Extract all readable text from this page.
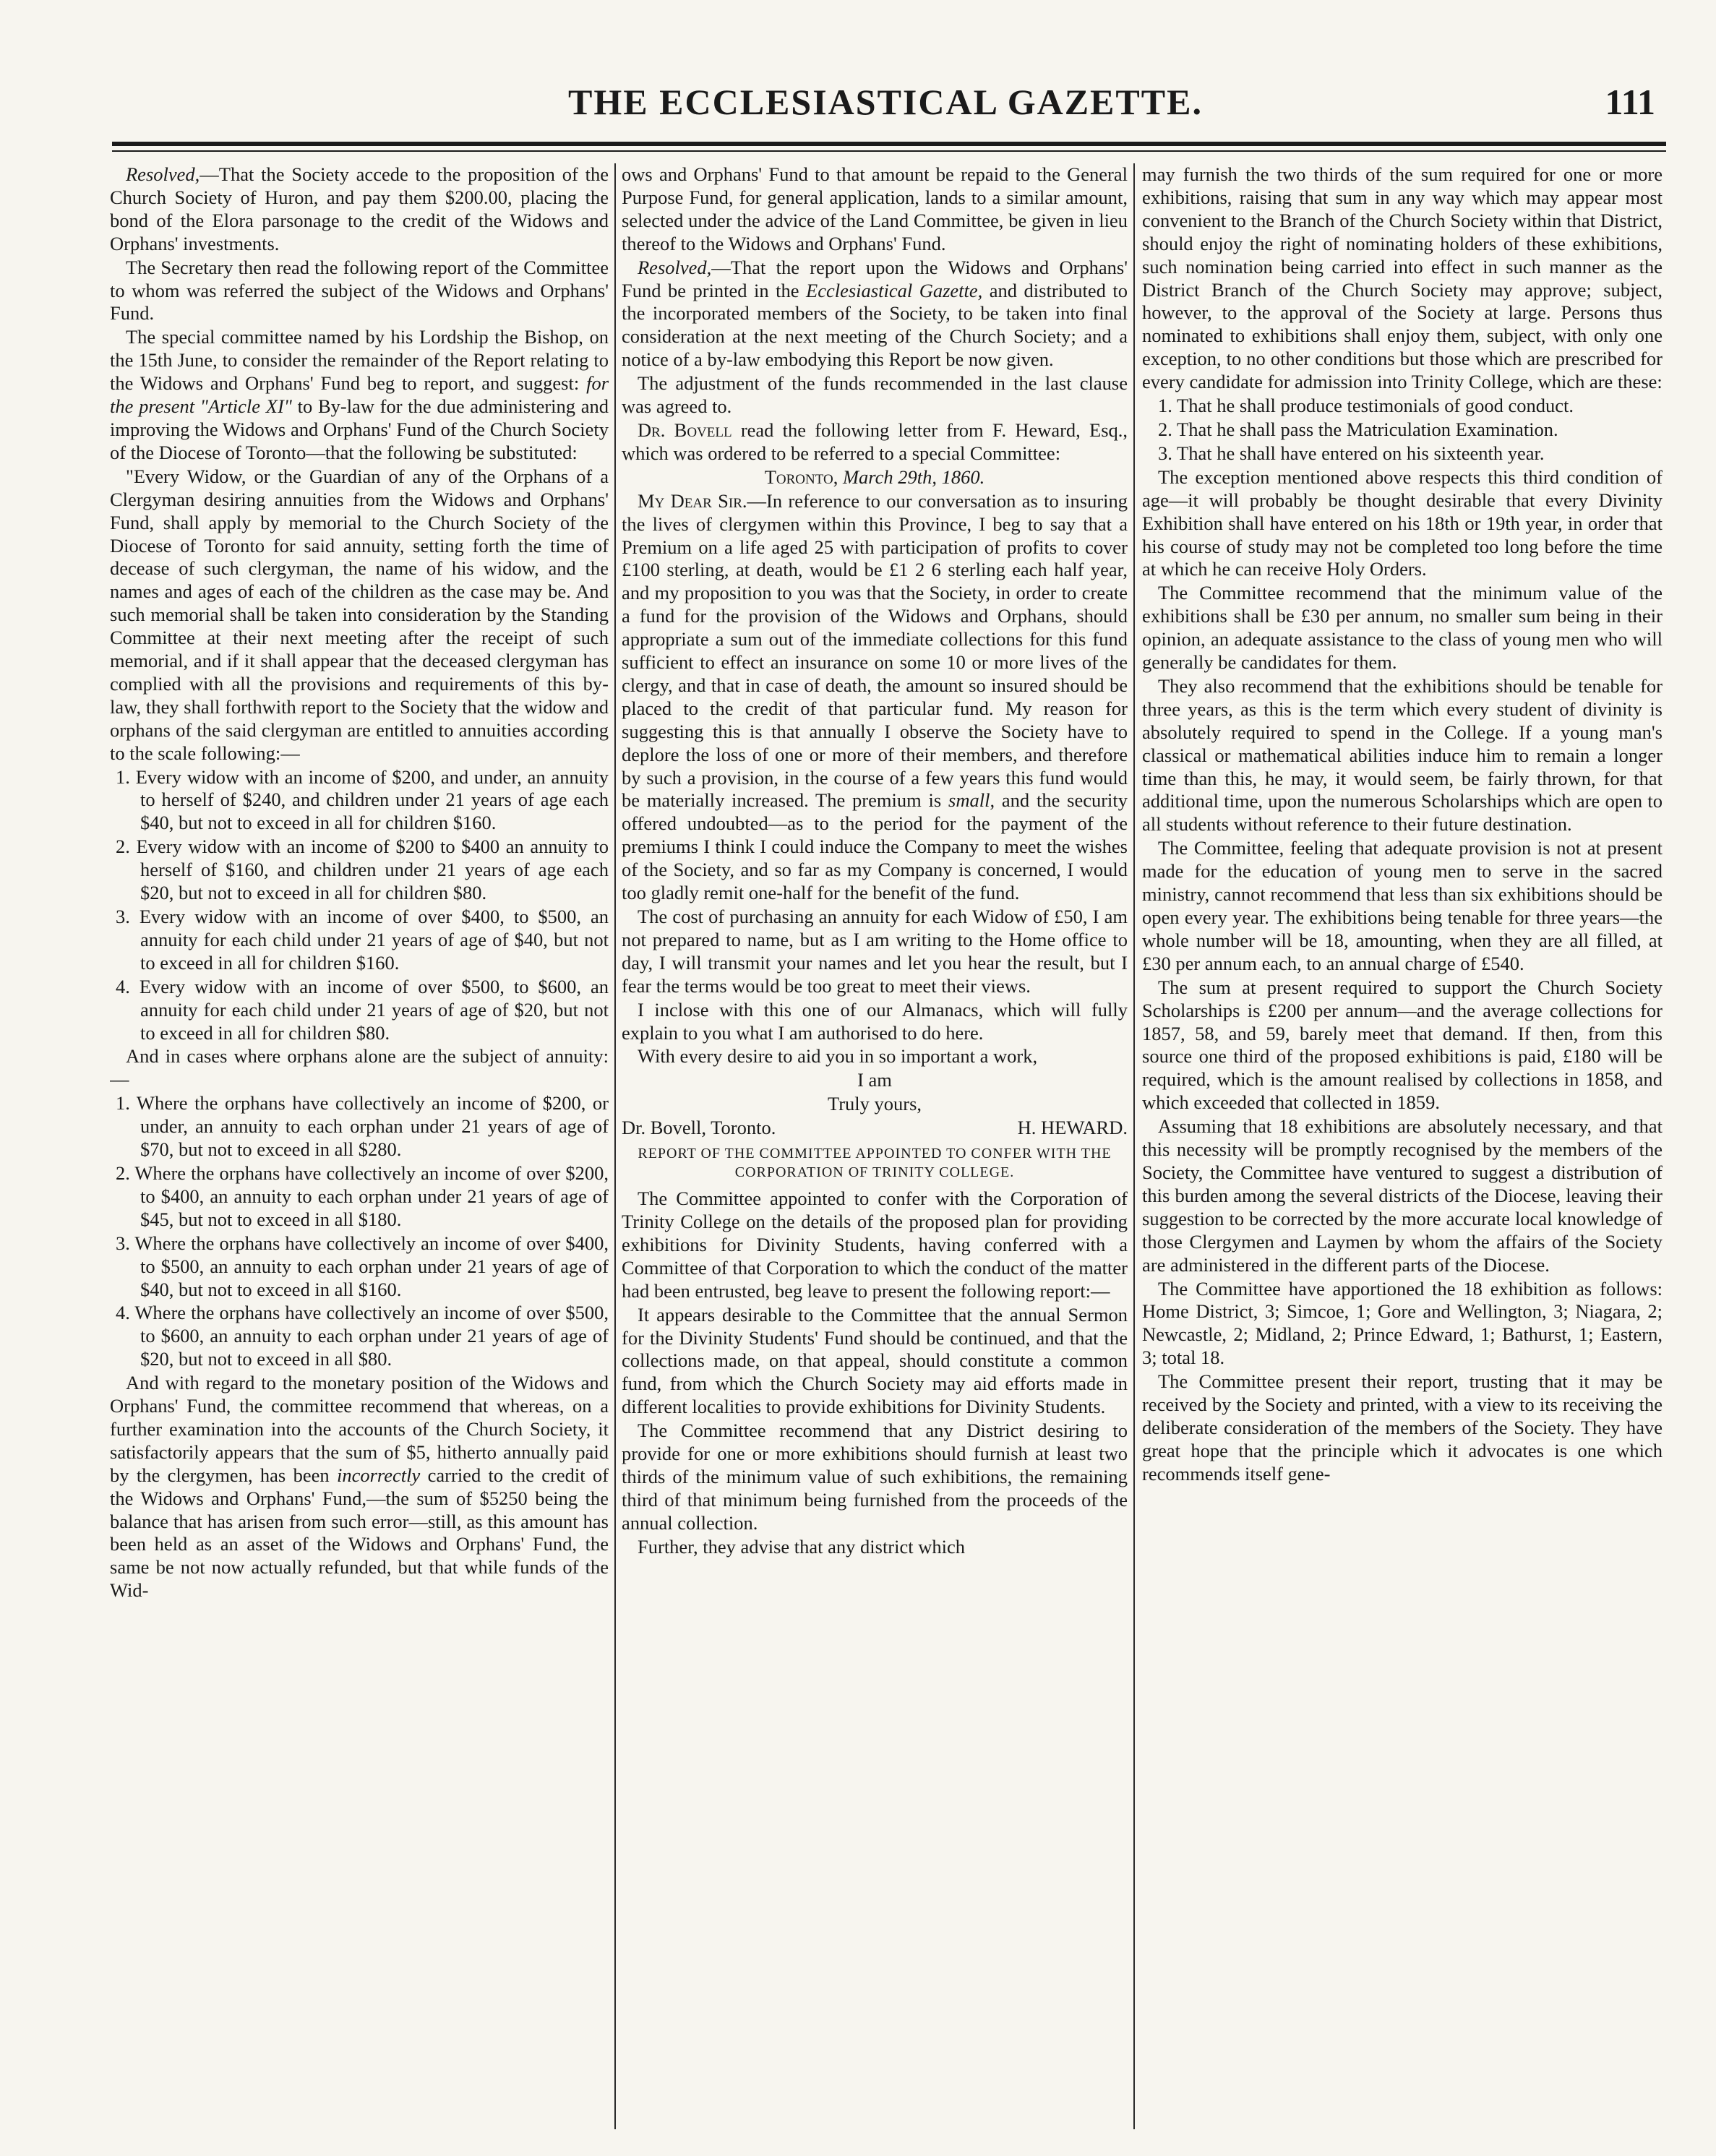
THE ECCLESIASTICAL GAZETTE.	111

Resolved,—That the Society accede to the proposition of the Church Society of Huron, and pay them $200.00, placing the bond of the Elora parsonage to the credit of the Widows and Orphans' investments.

The Secretary then read the following report of the Committee to whom was referred the subject of the Widows and Orphans' Fund.

The special committee named by his Lordship the Bishop, on the 15th June, to consider the remainder of the Report relating to the Widows and Orphans' Fund beg to report, and suggest: for the present "Article XI" to By-law for the due administering and improving the Widows and Orphans' Fund of the Church Society of the Diocese of Toronto—that the following be substituted:

"Every Widow, or the Guardian of any of the Orphans of a Clergyman desiring annuities from the Widows and Orphans' Fund, shall apply by memorial to the Church Society of the Diocese of Toronto for said annuity, setting forth the time of decease of such clergyman, the name of his widow, and the names and ages of each of the children as the case may be. And such memorial shall be taken into consideration by the Standing Committee at their next meeting after the receipt of such memorial, and if it shall appear that the deceased clergyman has complied with all the provisions and requirements of this by-law, they shall forthwith report to the Society that the widow and orphans of the said clergyman are entitled to annuities according to the scale following:—

1. Every widow with an income of $200, and under, an annuity to herself of $240, and children under 21 years of age each $40, but not to exceed in all for children $160.

2. Every widow with an income of $200 to $400 an annuity to herself of $160, and children under 21 years of age each $20, but not to exceed in all for children $80.

3. Every widow with an income of over $400, to $500, an annuity for each child under 21 years of age of $40, but not to exceed in all for children $160.

4. Every widow with an income of over $500, to $600, an annuity for each child under 21 years of age of $20, but not to exceed in all for children $80.

And in cases where orphans alone are the subject of annuity:—

1. Where the orphans have collectively an income of $200, or under, an annuity to each orphan under 21 years of age of $70, but not to exceed in all $280.

2. Where the orphans have collectively an income of over $200, to $400, an annuity to each orphan under 21 years of age of $45, but not to exceed in all $180.

3. Where the orphans have collectively an income of over $400, to $500, an annuity to each orphan under 21 years of age of $40, but not to exceed in all $160.

4. Where the orphans have collectively an income of over $500, to $600, an annuity to each orphan under 21 years of age of $20, but not to exceed in all $80.

And with regard to the monetary position of the Widows and Orphans' Fund, the committee recommend that whereas, on a further examination into the accounts of the Church Society, it satisfactorily appears that the sum of $5, hitherto annually paid by the clergymen, has been incorrectly carried to the credit of the Widows and Orphans' Fund,—the sum of $5250 being the balance that has arisen from such error—still, as this amount has been held as an asset of the Widows and Orphans' Fund, the same be not now actually refunded, but that while funds of the Wid-

ows and Orphans' Fund to that amount be repaid to the General Purpose Fund, for general application, lands to a similar amount, selected under the advice of the Land Committee, be given in lieu thereof to the Widows and Orphans' Fund.

Resolved,—That the report upon the Widows and Orphans' Fund be printed in the Ecclesiastical Gazette, and distributed to the incorporated members of the Society, to be taken into final consideration at the next meeting of the Church Society; and a notice of a by-law embodying this Report be now given.

The adjustment of the funds recommended in the last clause was agreed to.

Dr. Bovell read the following letter from F. Heward, Esq., which was ordered to be referred to a special Committee:

Toronto, March 29th, 1860.

My Dear Sir.—In reference to our conversation as to insuring the lives of clergymen within this Province, I beg to say that a Premium on a life aged 25 with participation of profits to cover £100 sterling, at death, would be £1 2 6 sterling each half year, and my proposition to you was that the Society, in order to create a fund for the provision of the Widows and Orphans, should appropriate a sum out of the immediate collections for this fund sufficient to effect an insurance on some 10 or more lives of the clergy, and that in case of death, the amount so insured should be placed to the credit of that particular fund. My reason for suggesting this is that annually I observe the Society have to deplore the loss of one or more of their members, and therefore by such a provision, in the course of a few years this fund would be materially increased. The premium is small, and the security offered undoubted—as to the period for the payment of the premiums I think I could induce the Company to meet the wishes of the Society, and so far as my Company is concerned, I would too gladly remit one-half for the benefit of the fund.

The cost of purchasing an annuity for each Widow of £50, I am not prepared to name, but as I am writing to the Home office to day, I will transmit your names and let you hear the result, but I fear the terms would be too great to meet their views.

I inclose with this one of our Almanacs, which will fully explain to you what I am authorised to do here.

With every desire to aid you in so important a work,

I am

Truly yours,

Dr. Bovell, Toronto.	H. HEWARD.

REPORT OF THE COMMITTEE APPOINTED TO CONFER WITH THE CORPORATION OF TRINITY COLLEGE.

The Committee appointed to confer with the Corporation of Trinity College on the details of the proposed plan for providing exhibitions for Divinity Students, having conferred with a Committee of that Corporation to which the conduct of the matter had been entrusted, beg leave to present the following report:—

It appears desirable to the Committee that the annual Sermon for the Divinity Students' Fund should be continued, and that the collections made, on that appeal, should constitute a common fund, from which the Church Society may aid efforts made in different localities to provide exhibitions for Divinity Students.

The Committee recommend that any District desiring to provide for one or more exhibitions should furnish at least two thirds of the minimum value of such exhibitions, the remaining third of that minimum being furnished from the proceeds of the annual collection.

Further, they advise that any district which

may furnish the two thirds of the sum required for one or more exhibitions, raising that sum in any way which may appear most convenient to the Branch of the Church Society within that District, should enjoy the right of nominating holders of these exhibitions, such nomination being carried into effect in such manner as the District Branch of the Church Society may approve; subject, however, to the approval of the Society at large. Persons thus nominated to exhibitions shall enjoy them, subject, with only one exception, to no other conditions but those which are prescribed for every candidate for admission into Trinity College, which are these:

1. That he shall produce testimonials of good conduct.

2. That he shall pass the Matriculation Examination.

3. That he shall have entered on his sixteenth year.

The exception mentioned above respects this third condition of age—it will probably be thought desirable that every Divinity Exhibition shall have entered on his 18th or 19th year, in order that his course of study may not be completed too long before the time at which he can receive Holy Orders.

The Committee recommend that the minimum value of the exhibitions shall be £30 per annum, no smaller sum being in their opinion, an adequate assistance to the class of young men who will generally be candidates for them.

They also recommend that the exhibitions should be tenable for three years, as this is the term which every student of divinity is absolutely required to spend in the College. If a young man's classical or mathematical abilities induce him to remain a longer time than this, he may, it would seem, be fairly thrown, for that additional time, upon the numerous Scholarships which are open to all students without reference to their future destination.

The Committee, feeling that adequate provision is not at present made for the education of young men to serve in the sacred ministry, cannot recommend that less than six exhibitions should be open every year. The exhibitions being tenable for three years—the whole number will be 18, amounting, when they are all filled, at £30 per annum each, to an annual charge of £540.

The sum at present required to support the Church Society Scholarships is £200 per annum—and the average collections for 1857, 58, and 59, barely meet that demand. If then, from this source one third of the proposed exhibitions is paid, £180 will be required, which is the amount realised by collections in 1858, and which exceeded that collected in 1859.

Assuming that 18 exhibitions are absolutely necessary, and that this necessity will be promptly recognised by the members of the Society, the Committee have ventured to suggest a distribution of this burden among the several districts of the Diocese, leaving their suggestion to be corrected by the more accurate local knowledge of those Clergymen and Laymen by whom the affairs of the Society are administered in the different parts of the Diocese.

The Committee have apportioned the 18 exhibition as follows: Home District, 3; Simcoe, 1; Gore and Wellington, 3; Niagara, 2; Newcastle, 2; Midland, 2; Prince Edward, 1; Bathurst, 1; Eastern, 3; total 18.

The Committee present their report, trusting that it may be received by the Society and printed, with a view to its receiving the deliberate consideration of the members of the Society. They have great hope that the principle which it advocates is one which recommends itself gene-
